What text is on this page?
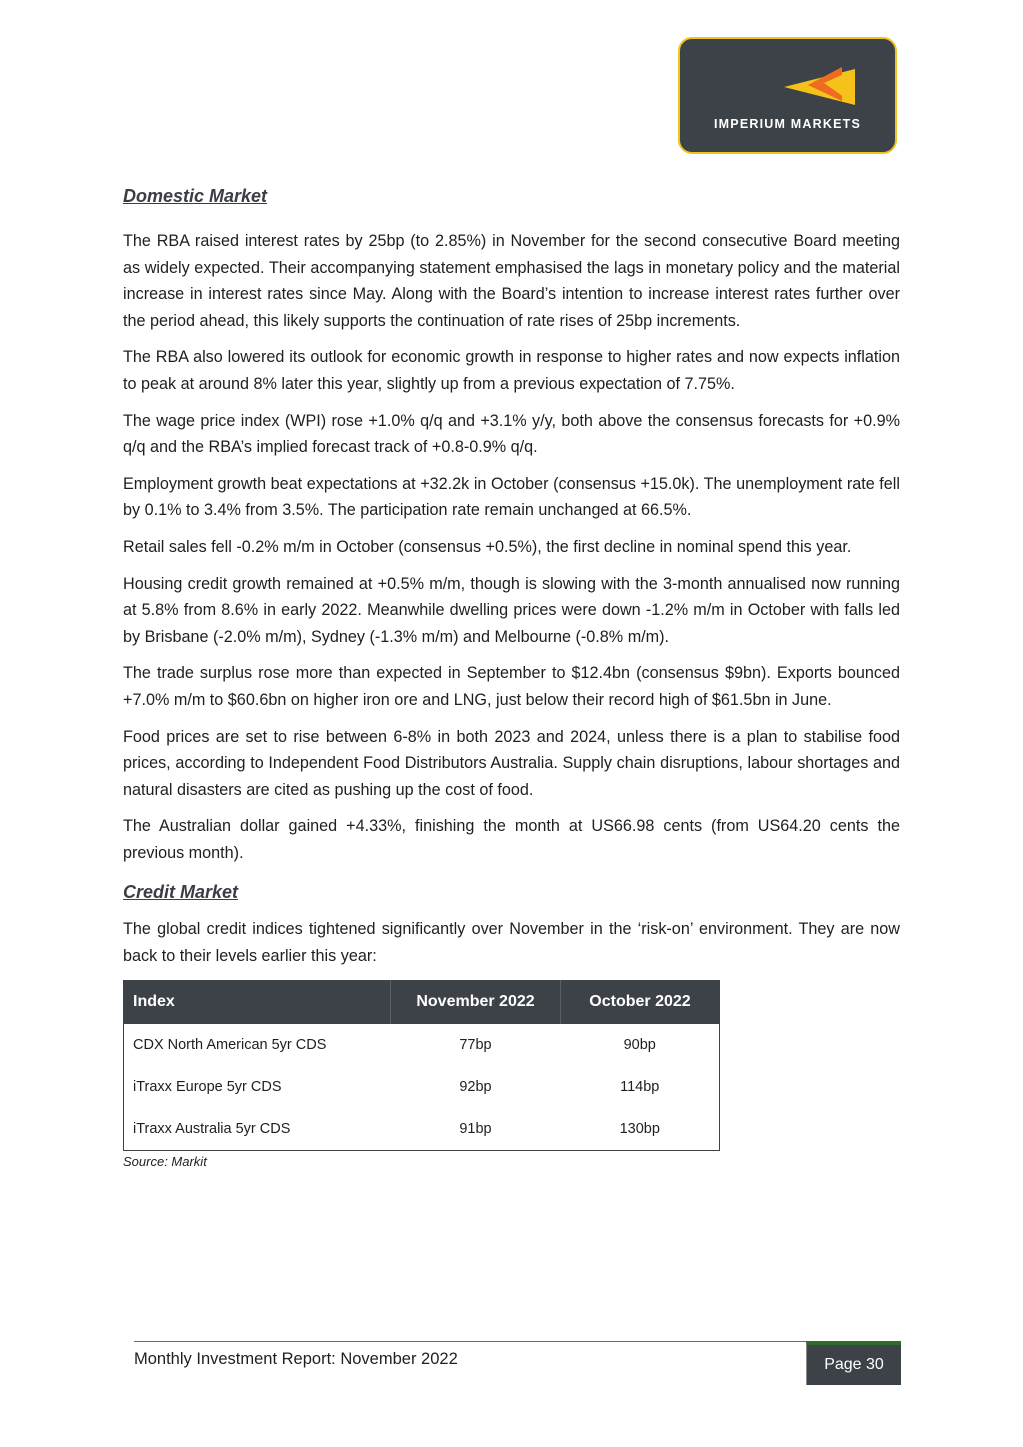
IMPERIUM MARKETS
Domestic Market

The RBA raised interest rates by 25bp (to 2.85%) in November for the second consecutive Board meeting as widely expected. Their accompanying statement emphasised the lags in monetary policy and the material increase in interest rates since May. Along with the Board’s intention to increase interest rates further over the period ahead, this likely supports the continuation of rate rises of 25bp increments.

The RBA also lowered its outlook for economic growth in response to higher rates and now expects inflation to peak at around 8% later this year, slightly up from a previous expectation of 7.75%.

The wage price index (WPI) rose +1.0% q/q and +3.1% y/y, both above the consensus forecasts for +0.9% q/q and the RBA’s implied forecast track of +0.8-0.9% q/q.

Employment growth beat expectations at +32.2k in October (consensus +15.0k). The unemployment rate fell by 0.1% to 3.4% from 3.5%. The participation rate remain unchanged at 66.5%.

Retail sales fell -0.2% m/m in October (consensus +0.5%), the first decline in nominal spend this year.

Housing credit growth remained at +0.5% m/m, though is slowing with the 3-month annualised now running at 5.8% from 8.6% in early 2022. Meanwhile dwelling prices were down -1.2% m/m in October with falls led by Brisbane (-2.0% m/m), Sydney (-1.3% m/m) and Melbourne (-0.8% m/m).

The trade surplus rose more than expected in September to $12.4bn (consensus $9bn). Exports bounced +7.0% m/m to $60.6bn on higher iron ore and LNG, just below their record high of $61.5bn in June.

Food prices are set to rise between 6-8% in both 2023 and 2024, unless there is a plan to stabilise food prices, according to Independent Food Distributors Australia. Supply chain disruptions, labour shortages and natural disasters are cited as pushing up the cost of food.

The Australian dollar gained +4.33%, finishing the month at US66.98 cents (from US64.20 cents the previous month).

Credit Market

The global credit indices tightened significantly over November in the ‘risk-on’ environment. They are now back to their levels earlier this year:

Index	November 2022	October 2022
CDX North American 5yr CDS	77bp	90bp
iTraxx Europe 5yr CDS	92bp	114bp
iTraxx Australia 5yr CDS	91bp	130bp
Source: Markit
Monthly Investment Report: November 2022	Page 30
